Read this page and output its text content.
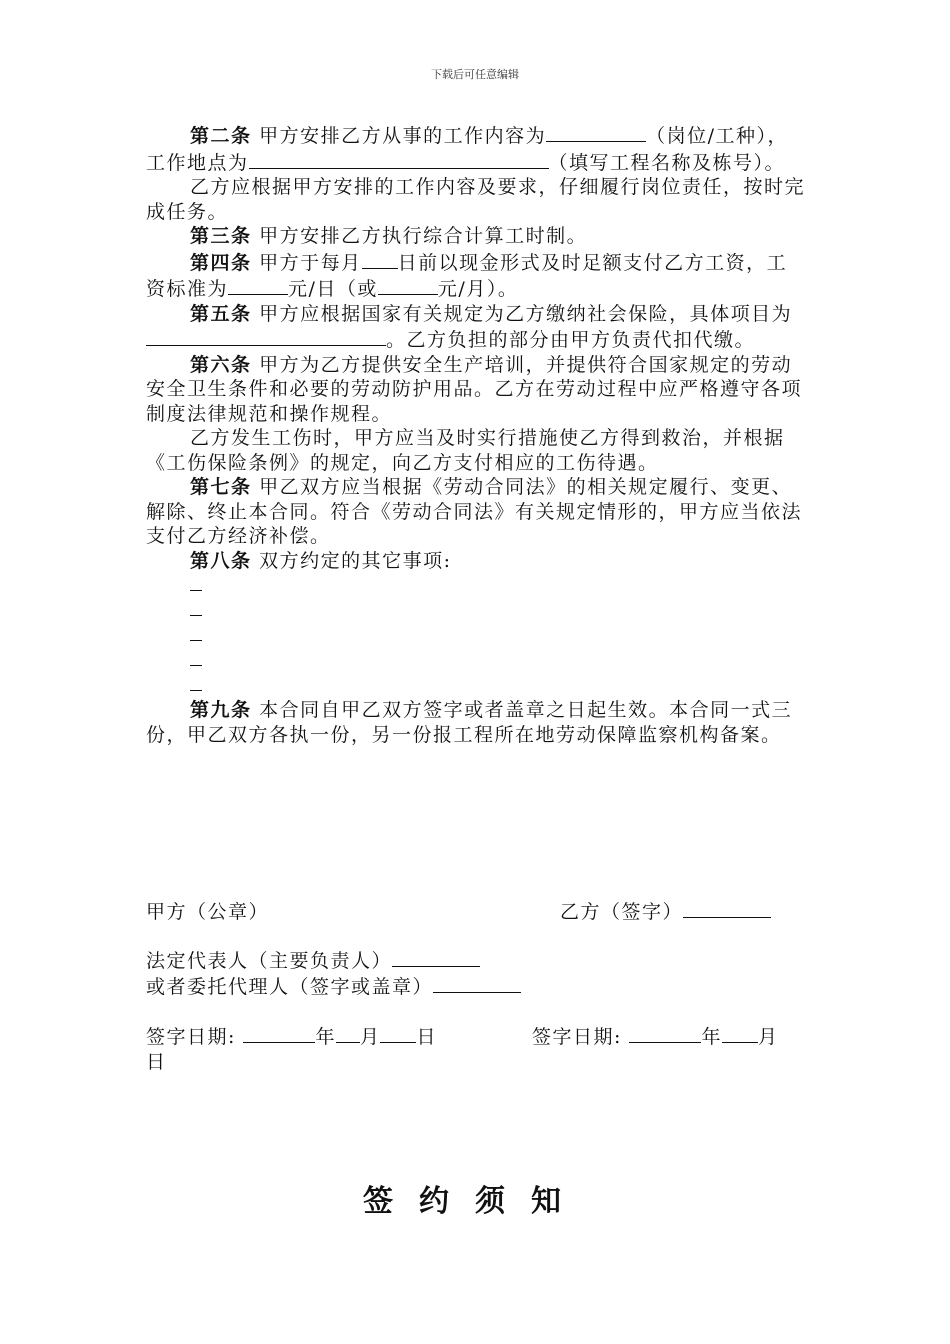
下载后可任意编辑

第二条 甲方安排乙方从事的工作内容为	（岗位/工种），工作地点为	（填写工程名称及栋号）。

乙方应根据甲方安排的工作内容及要求，仔细履行岗位责任，按时完成任务。

第三条 甲方安排乙方执行综合计算工时制。

第四条 甲方于每月 日前以现金形式及时足额支付乙方工资，工资标准为	元/日（或	元/月）。

第五条 甲方应根据国家有关规定为乙方缴纳社会保险，具体项目为。乙方负担的部分由甲方负责代扣代缴。

第六条 甲方为乙方提供安全生产培训，并提供符合国家规定的劳动安全卫生条件和必要的劳动防护用品。乙方在劳动过程中应严格遵守各项制度法律规范和操作规程。

乙方发生工伤时，甲方应当及时实行措施使乙方得到救治，并根据《工伤保险条例》的规定，向乙方支付相应的工伤待遇。

第七条 甲乙双方应当根据《劳动合同法》的相关规定履行、变更、解除、终止本合同。符合《劳动合同法》有关规定情形的，甲方应当依法支付乙方经济补偿。

第八条 双方约定的其它事项:

第九条 本合同自甲乙双方签字或者盖章之日起生效。本合同一式三份，甲乙双方各执一份，另一份报工程所在地劳动保障监察机构备案。

甲方（公章）	乙方（签字）
法定代表人（主要负责人）
或者委托代理人（签字或盖章）
签字日期:	年 月 日	签字日期:	年 月
日
签约须知
